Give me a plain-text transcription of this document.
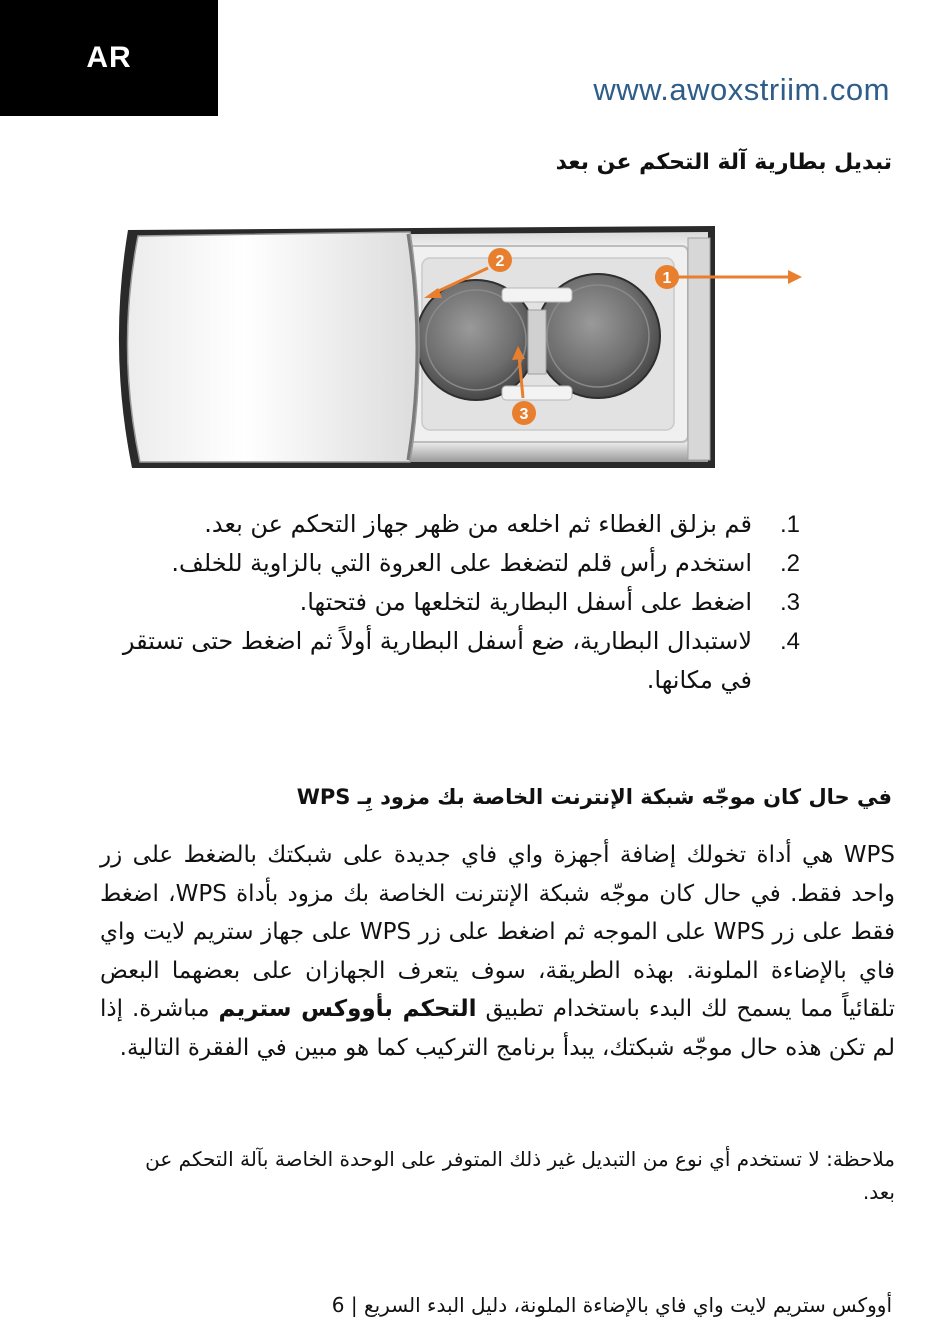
AR
www.awoxstriim.com
تبديل بطارية آلة التحكم عن بعد
1
2
3
.1
قم بزلق الغطاء ثم اخلعه من ظهر جهاز التحكم عن بعد.
.2
استخدم رأس قلم لتضغط على العروة التي بالزاوية للخلف.
.3
اضغط على أسفل البطارية لتخلعها من فتحتها.
.4
لاستبدال البطارية، ضع أسفل البطارية أولاً ثم اضغط حتى تستقر في مكانها.
في حال كان موجّه شبكة الإنترنت الخاصة بك مزود بِـ WPS
WPS هي أداة تخولك إضافة أجهزة واي فاي جديدة على شبكتك بالضغط على زر واحد فقط. في حال كان موجّه شبكة الإنترنت الخاصة بك مزود بأداة WPS، اضغط فقط على زر WPS على الموجه ثم اضغط على زر WPS على جهاز ستريم لايت واي فاي بالإضاءة الملونة. بهذه الطريقة، سوف يتعرف الجهازان على بعضهما البعض تلقائياً مما يسمح لك البدء باستخدام تطبيق التحكم بأووكس ستريم مباشرة. إذا لم تكن هذه حال موجّه شبكتك، يبدأ برنامج التركيب كما هو مبين في الفقرة التالية.
ملاحظة: لا تستخدم أي نوع من التبديل غير ذلك المتوفر على الوحدة الخاصة بآلة التحكم عن بعد.
أووكس ستريم لايت واي فاي بالإضاءة الملونة، دليل البدء السريع | 6
